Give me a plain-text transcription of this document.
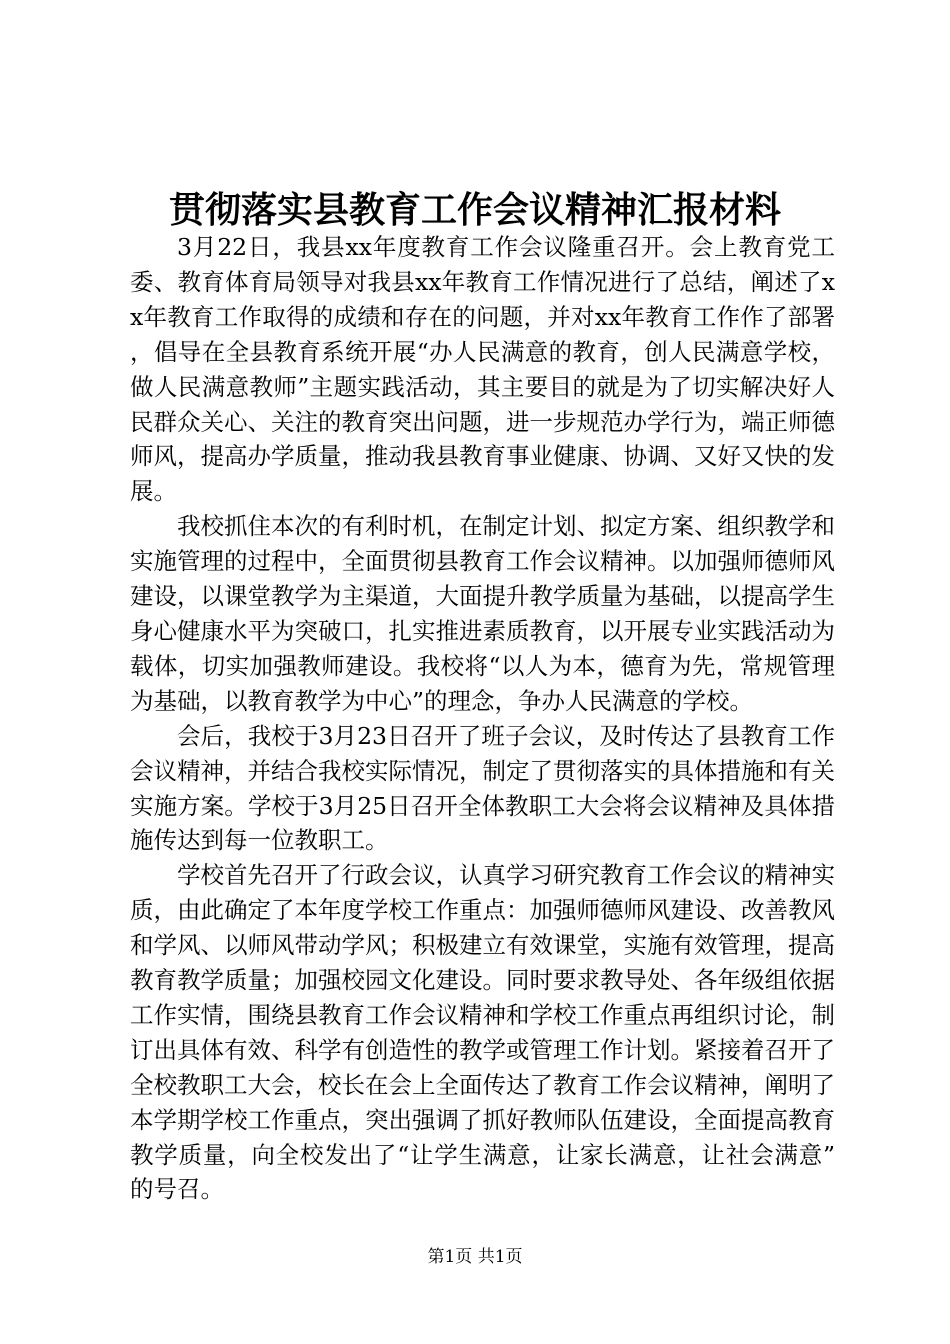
贯彻落实县教育工作会议精神汇报材料

3月22日，我县xx年度教育工作会议隆重召开。会上教育党工委、教育体育局领导对我县xx年教育工作情况进行了总结，阐述了xx年教育工作取得的成绩和存在的问题，并对xx年教育工作作了部署，倡导在全县教育系统开展“办人民满意的教育，创人民满意学校，做人民满意教师”主题实践活动，其主要目的就是为了切实解决好人民群众关心、关注的教育突出问题，进一步规范办学行为，端正师德师风，提高办学质量，推动我县教育事业健康、协调、又好又快的发展。

我校抓住本次的有利时机，在制定计划、拟定方案、组织教学和实施管理的过程中，全面贯彻县教育工作会议精神。以加强师德师风建设，以课堂教学为主渠道，大面提升教学质量为基础，以提高学生身心健康水平为突破口，扎实推进素质教育，以开展专业实践活动为载体，切实加强教师建设。我校将“以人为本，德育为先，常规管理为基础，以教育教学为中心”的理念，争办人民满意的学校。

会后，我校于3月23日召开了班子会议，及时传达了县教育工作会议精神，并结合我校实际情况，制定了贯彻落实的具体措施和有关实施方案。学校于3月25日召开全体教职工大会将会议精神及具体措施传达到每一位教职工。

学校首先召开了行政会议，认真学习研究教育工作会议的精神实质，由此确定了本年度学校工作重点：加强师德师风建设、改善教风和学风、以师风带动学风；积极建立有效课堂，实施有效管理，提高教育教学质量；加强校园文化建设。同时要求教导处、各年级组依据工作实情，围绕县教育工作会议精神和学校工作重点再组织讨论，制订出具体有效、科学有创造性的教学或管理工作计划。紧接着召开了全校教职工大会，校长在会上全面传达了教育工作会议精神，阐明了本学期学校工作重点，突出强调了抓好教师队伍建设，全面提高教育教学质量，向全校发出了“让学生满意，让家长满意，让社会满意”的号召。

第1页 共1页
